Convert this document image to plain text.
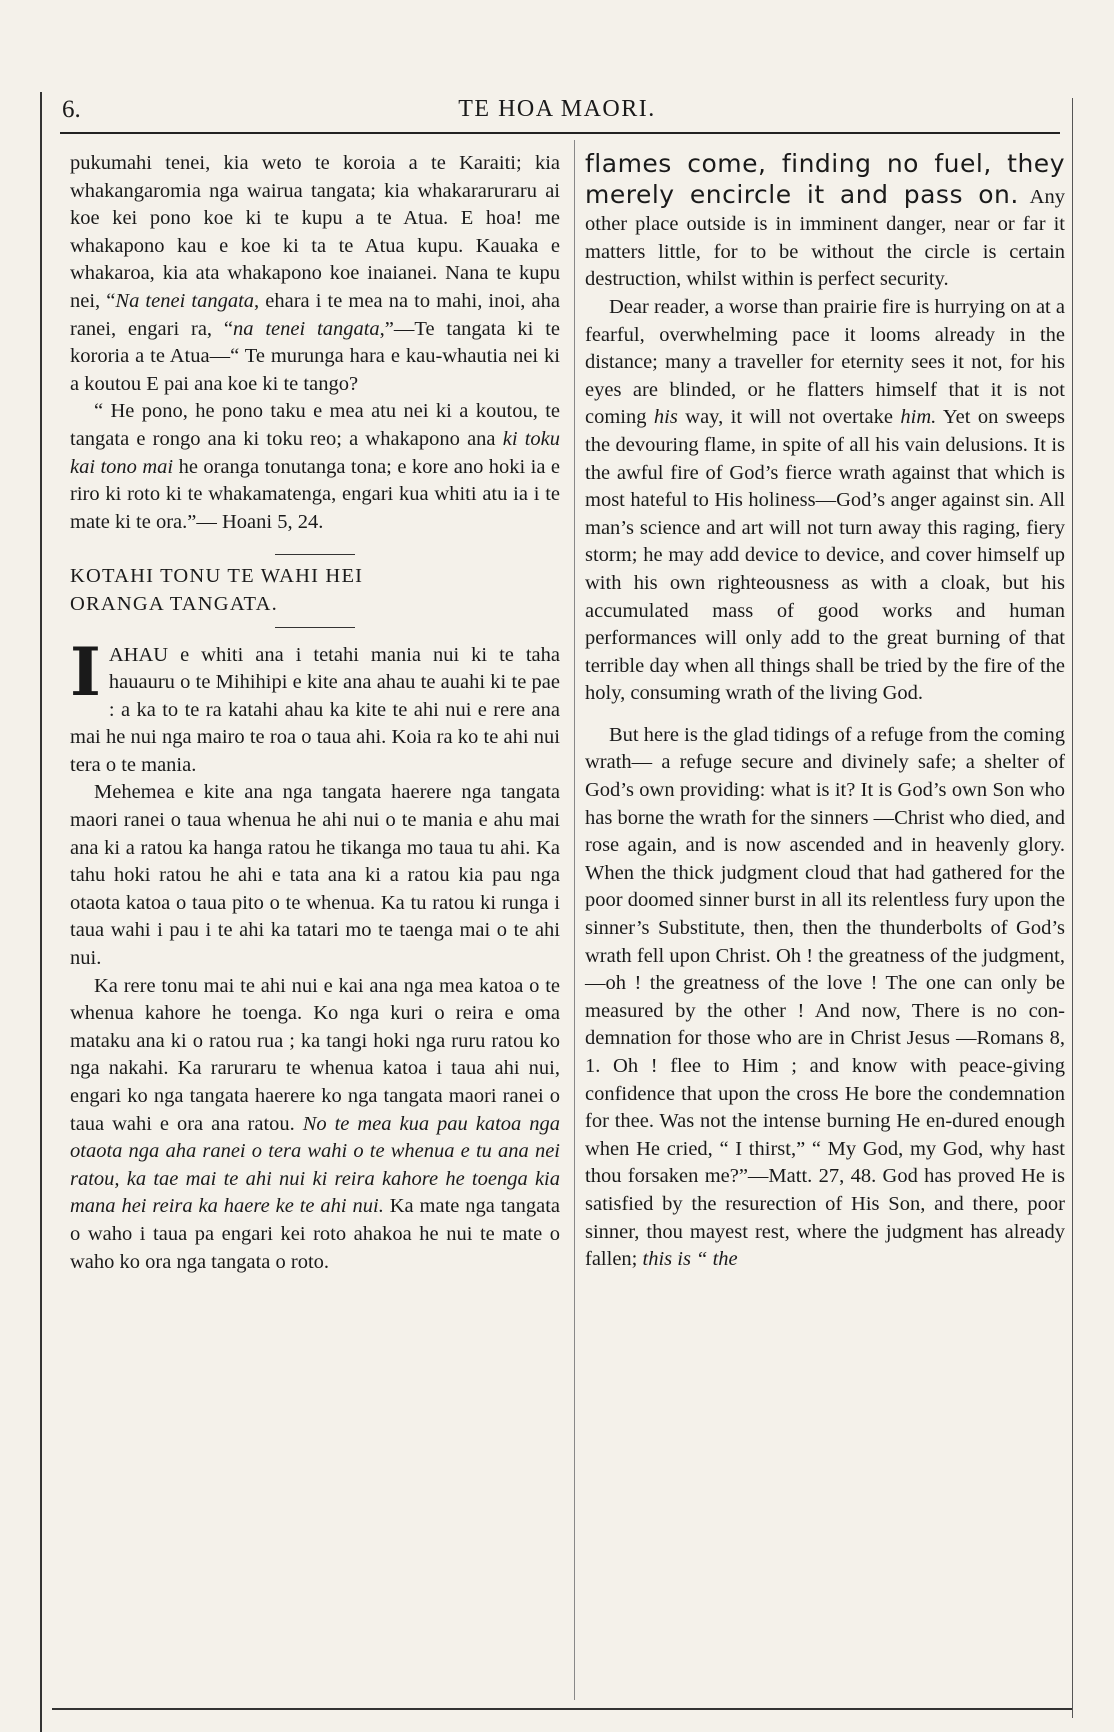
6.	TE HOA MAORI.

pukumahi tenei, kia weto te koroia a te Karaiti; kia whakangaromia nga wairua tangata; kia whakararuraru ai koe kei pono koe ki te kupu a te Atua. E hoa! me whakapono kau e koe ki ta te Atua kupu. Kauaka e whakaroa, kia ata whakapono koe inaianei. Nana te kupu nei, “Na tenei tangata, ehara i te mea na to mahi, inoi, aha ranei, engari ra, “na tenei tangata,”—Te tangata ki te kororia a te Atua—“ Te murunga hara e kau-whautia nei ki a koutou E pai ana koe ki te tango?

“ He pono, he pono taku e mea atu nei ki a koutou, te tangata e rongo ana ki toku reo; a whakapono ana ki toku kai tono mai he oranga tonutanga tona; e kore ano hoki ia e riro ki roto ki te whakamatenga, engari kua whiti atu ia i te mate ki te ora.”— Hoani 5, 24.

KOTAHI TONU TE WAHI HEI

ORANGA TANGATA.

IAHAU e whiti ana i tetahi mania nui ki te taha hauauru o te Mihihipi e kite ana ahau te auahi ki te pae : a ka to te ra katahi ahau ka kite te ahi nui e rere ana mai he nui nga mairo te roa o taua ahi. Koia ra ko te ahi nui tera o te mania.

Mehemea e kite ana nga tangata haerere nga tangata maori ranei o taua whenua he ahi nui o te mania e ahu mai ana ki a ratou ka hanga ratou he tikanga mo taua tu ahi. Ka tahu hoki ratou he ahi e tata ana ki a ratou kia pau nga otaota katoa o taua pito o te whenua. Ka tu ratou ki runga i taua wahi i pau i te ahi ka tatari mo te taenga mai o te ahi nui.

Ka rere tonu mai te ahi nui e kai ana nga mea katoa o te whenua kahore he toenga. Ko nga kuri o reira e oma mataku ana ki o ratou rua ; ka tangi hoki nga ruru ratou ko nga nakahi. Ka raruraru te whenua katoa i taua ahi nui, engari ko nga tangata haerere ko nga tangata maori ranei o taua wahi e ora ana ratou. No te mea kua pau katoa nga otaota nga aha ranei o tera wahi o te whenua e tu ana nei ratou, ka tae mai te ahi nui ki reira kahore he toenga kia mana hei reira ka haere ke te ahi nui. Ka mate nga tangata o waho i taua pa engari kei roto ahakoa he nui te mate o waho ko ora nga tangata o roto.

flames come, finding no fuel, they merely encircle it and pass on. Any other place outside is in imminent danger, near or far it matters little, for to be without the circle is certain destruction, whilst within is perfect security.

Dear reader, a worse than prairie fire is hurrying on at a fearful, overwhelming pace it looms already in the distance; many a traveller for eternity sees it not, for his eyes are blinded, or he flatters himself that it is not coming his way, it will not overtake him. Yet on sweeps the devouring flame, in spite of all his vain delusions. It is the awful fire of God’s fierce wrath against that which is most hateful to His holiness—God’s anger against sin. All man’s science and art will not turn away this raging, fiery storm; he may add device to device, and cover himself up with his own righteousness as with a cloak, but his accumulated mass of good works and human performances will only add to the great burning of that terrible day when all things shall be tried by the fire of the holy, consuming wrath of the living God.

But here is the glad tidings of a refuge from the coming wrath— a refuge secure and divinely safe; a shelter of God’s own providing: what is it? It is God’s own Son who has borne the wrath for the sinners —Christ who died, and rose again, and is now ascended and in heavenly glory. When the thick judgment cloud that had gathered for the poor doomed sinner burst in all its relentless fury upon the sinner’s Substitute, then, then the thunderbolts of God’s wrath fell upon Christ. Oh ! the greatness of the judgment,—oh ! the greatness of the love ! The one can only be measured by the other ! And now, There is no con-demnation for those who are in Christ Jesus —Romans 8, 1. Oh ! flee to Him ; and know with peace-giving confidence that upon the cross He bore the condemnation for thee. Was not the intense burning He en-dured enough when He cried, “ I thirst,” “ My God, my God, why hast thou forsaken me?”—Matt. 27, 48. God has proved He is satisfied by the resurection of His Son, and there, poor sinner, thou mayest rest, where the judgment has already fallen; this is “ the
